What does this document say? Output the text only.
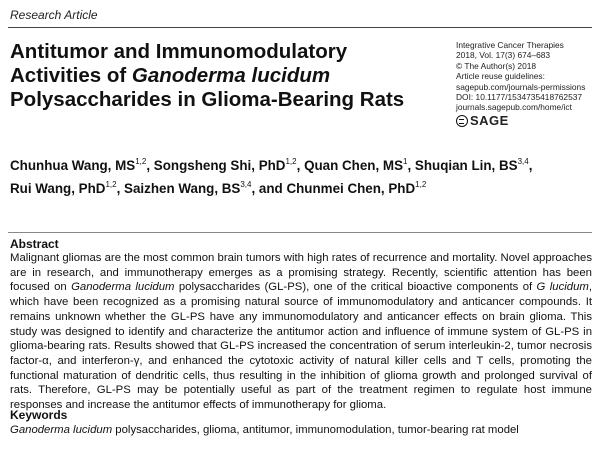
Research Article
Antitumor and Immunomodulatory
Activities of Ganoderma lucidum
Polysaccharides in Glioma-Bearing Rats
Integrative Cancer Therapies
2018, Vol. 17(3) 674–683
© The Author(s) 2018
Article reuse guidelines:
sagepub.com/journals-permissions
DOI: 10.1177/1534735418762537
journals.sagepub.com/home/ict
SAGE
Chunhua Wang, MS$^{1,2}$, Songsheng Shi, PhD$^{1,2}$, Quan Chen, $MS^1$, Shuqian Lin, BS$^{3,4}$,
Rui Wang, PhD$^{1,2}$, Saizhen Wang, BS$^{3,4}$, and Chunmei Chen, PhD$^{1,2}$
Abstract
Malignant gliomas are the most common brain tumors with high rates of recurrence and mortality. Novel approaches are in research, and immunotherapy emerges as a promising strategy. Recently, scientific attention has been focused on Ganoderma lucidum polysaccharides (GL-PS), one of the critical bioactive components of G lucidum, which have been recognized as a promising natural source of immunomodulatory and anticancer compounds. It remains unknown whether the GL-PS have any immunomodulatory and anticancer effects on brain glioma. This study was designed to identify and characterize the antitumor action and influence of immune system of GL-PS in glioma-bearing rats. Results showed that GL-PS increased the concentration of serum interleukin-2, tumor necrosis factor-α, and interferon-γ, and enhanced the cytotoxic activity of natural killer cells and T cells, promoting the functional maturation of dendritic cells, thus resulting in the inhibition of glioma growth and prolonged survival of rats. Therefore, GL-PS may be potentially useful as part of the treatment regimen to regulate host immune responses and increase the antitumor effects of immunotherapy for glioma.
Keywords
Ganoderma lucidum polysaccharides, glioma, antitumor, immunomodulation, tumor-bearing rat model
